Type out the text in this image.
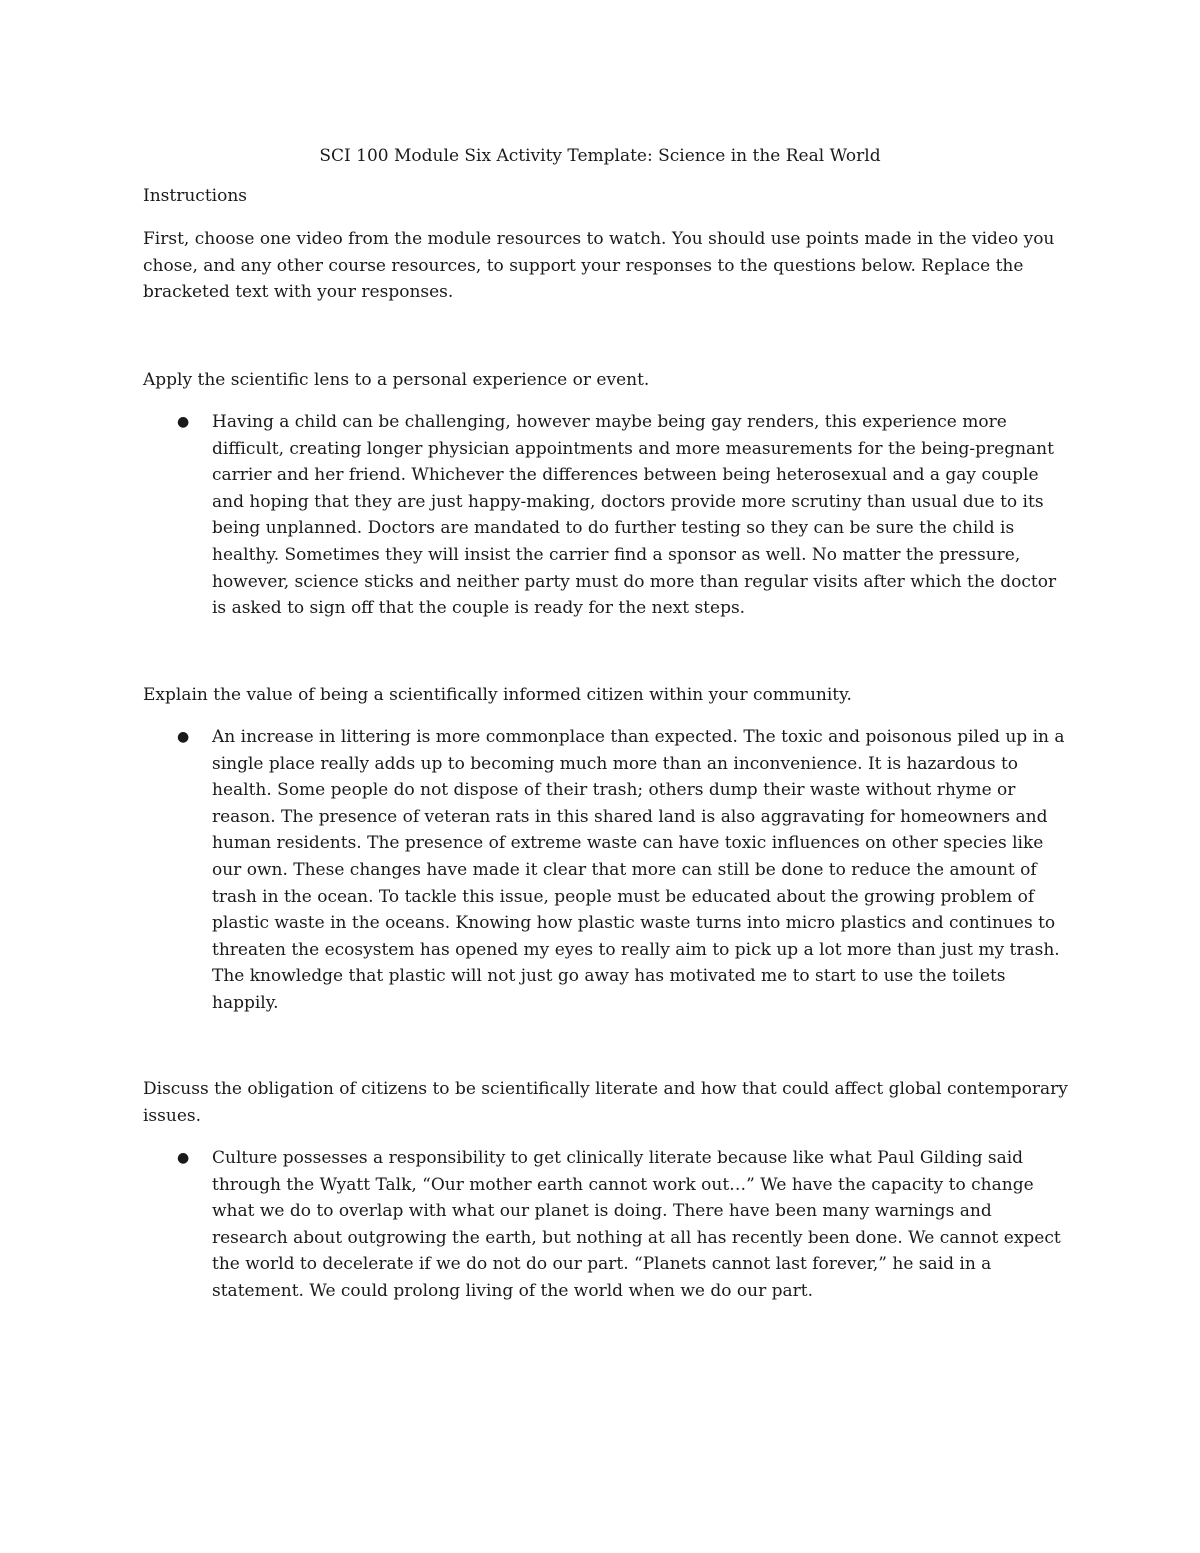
SCI 100 Module Six Activity Template: Science in the Real World

Instructions

First, choose one video from the module resources to watch. You should use points made in the video you chose, and any other course resources, to support your responses to the questions below. Replace the bracketed text with your responses.

Apply the scientific lens to a personal experience or event.

● Having a child can be challenging, however maybe being gay renders, this experience more difficult, creating longer physician appointments and more measurements for the being-pregnant carrier and her friend. Whichever the differences between being heterosexual and a gay couple and hoping that they are just happy-making, doctors provide more scrutiny than usual due to its being unplanned. Doctors are mandated to do further testing so they can be sure the child is healthy. Sometimes they will insist the carrier find a sponsor as well. No matter the pressure, however, science sticks and neither party must do more than regular visits after which the doctor is asked to sign off that the couple is ready for the next steps.

Explain the value of being a scientifically informed citizen within your community.

● An increase in littering is more commonplace than expected. The toxic and poisonous piled up in a single place really adds up to becoming much more than an inconvenience. It is hazardous to health. Some people do not dispose of their trash; others dump their waste without rhyme or reason. The presence of veteran rats in this shared land is also aggravating for homeowners and human residents. The presence of extreme waste can have toxic influences on other species like our own. These changes have made it clear that more can still be done to reduce the amount of trash in the ocean. To tackle this issue, people must be educated about the growing problem of plastic waste in the oceans. Knowing how plastic waste turns into micro plastics and continues to threaten the ecosystem has opened my eyes to really aim to pick up a lot more than just my trash. The knowledge that plastic will not just go away has motivated me to start to use the toilets happily.

Discuss the obligation of citizens to be scientifically literate and how that could affect global contemporary issues.

● Culture possesses a responsibility to get clinically literate because like what Paul Gilding said through the Wyatt Talk, “Our mother earth cannot work out…” We have the capacity to change what we do to overlap with what our planet is doing. There have been many warnings and research about outgrowing the earth, but nothing at all has recently been done. We cannot expect the world to decelerate if we do not do our part. “Planets cannot last forever,” he said in a statement. We could prolong living of the world when we do our part.
